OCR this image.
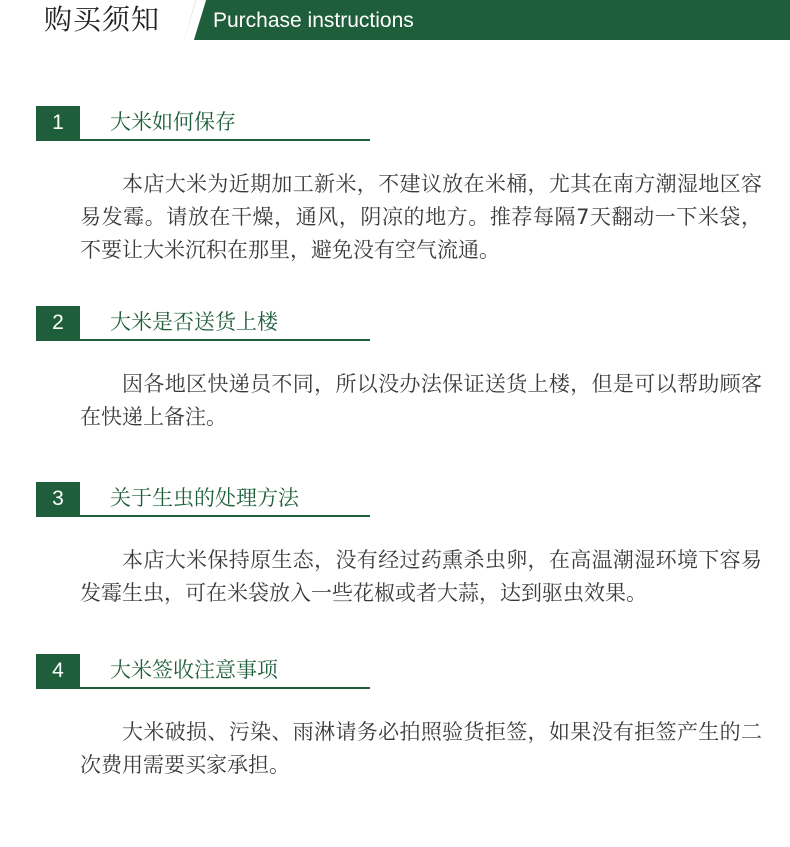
购买须知	Purchase instructions
1	大米如何保存

本店大米为近期加工新米，不建议放在米桶，尤其在南方潮湿地区容易发霉。请放在干燥，通风，阴凉的地方。推荐每隔7天翻动一下米袋，不要让大米沉积在那里，避免没有空气流通。

2	大米是否送货上楼

因各地区快递员不同，所以没办法保证送货上楼，但是可以帮助顾客在快递上备注。

3	关于生虫的处理方法

本店大米保持原生态，没有经过药熏杀虫卵，在高温潮湿环境下容易发霉生虫，可在米袋放入一些花椒或者大蒜，达到驱虫效果。

4	大米签收注意事项

大米破损、污染、雨淋请务必拍照验货拒签，如果没有拒签产生的二次费用需要买家承担。
